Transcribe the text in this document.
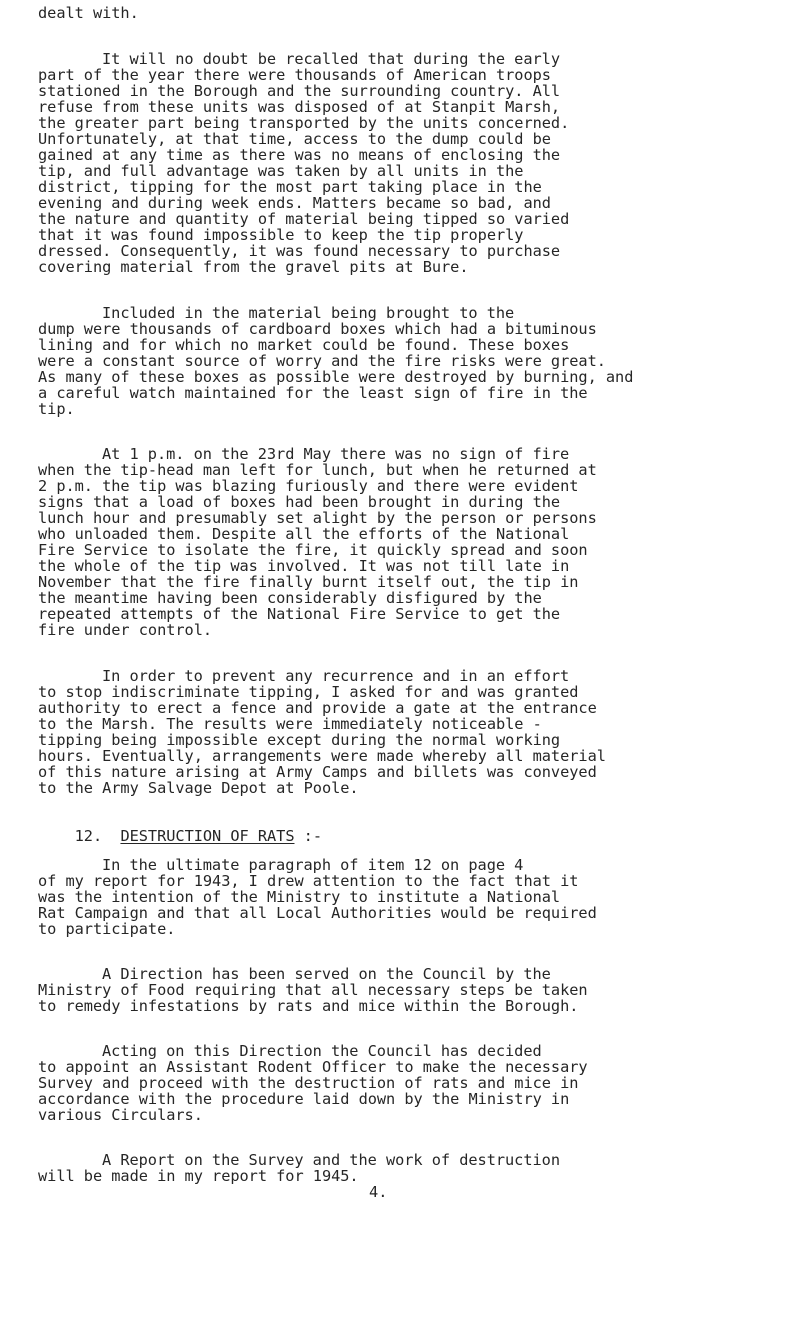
dealt with.
It will no doubt be recalled that during the early
part of the year there were thousands of American troops
stationed in the Borough and the surrounding country. All
refuse from these units was disposed of at Stanpit Marsh,
the greater part being transported by the units concerned.
Unfortunately, at that time, access to the dump could be
gained at any time as there was no means of enclosing the
tip, and full advantage was taken by all units in the
district, tipping for the most part taking place in the
evening and during week ends. Matters became so bad, and
the nature and quantity of material being tipped so varied
that it was found impossible to keep the tip properly
dressed. Consequently, it was found necessary to purchase
covering material from the gravel pits at Bure.
Included in the material being brought to the
dump were thousands of cardboard boxes which had a bituminous
lining and for which no market could be found. These boxes
were a constant source of worry and the fire risks were great.
As many of these boxes as possible were destroyed by burning, and
a careful watch maintained for the least sign of fire in the
tip.
At 1 p.m. on the 23rd May there was no sign of fire
when the tip-head man left for lunch, but when he returned at
2 p.m. the tip was blazing furiously and there were evident
signs that a load of boxes had been brought in during the
lunch hour and presumably set alight by the person or persons
who unloaded them. Despite all the efforts of the National
Fire Service to isolate the fire, it quickly spread and soon
the whole of the tip was involved. It was not till late in
November that the fire finally burnt itself out, the tip in
the meantime having been considerably disfigured by the
repeated attempts of the National Fire Service to get the
fire under control.
In order to prevent any recurrence and in an effort
to stop indiscriminate tipping, I asked for and was granted
authority to erect a fence and provide a gate at the entrance
to the Marsh. The results were immediately noticeable -
tipping being impossible except during the normal working
hours. Eventually, arrangements were made whereby all material
of this nature arising at Army Camps and billets was conveyed
to the Army Salvage Depot at Poole.

12. DESTRUCTION OF RATS :-

In the ultimate paragraph of item 12 on page 4
of my report for 1943, I drew attention to the fact that it
was the intention of the Ministry to institute a National
Rat Campaign and that all Local Authorities would be required
to participate.
A Direction has been served on the Council by the
Ministry of Food requiring that all necessary steps be taken
to remedy infestations by rats and mice within the Borough.
Acting on this Direction the Council has decided
to appoint an Assistant Rodent Officer to make the necessary
Survey and proceed with the destruction of rats and mice in
accordance with the procedure laid down by the Ministry in
various Circulars.
A Report on the Survey and the work of destruction
will be made in my report for 1945.
4.
